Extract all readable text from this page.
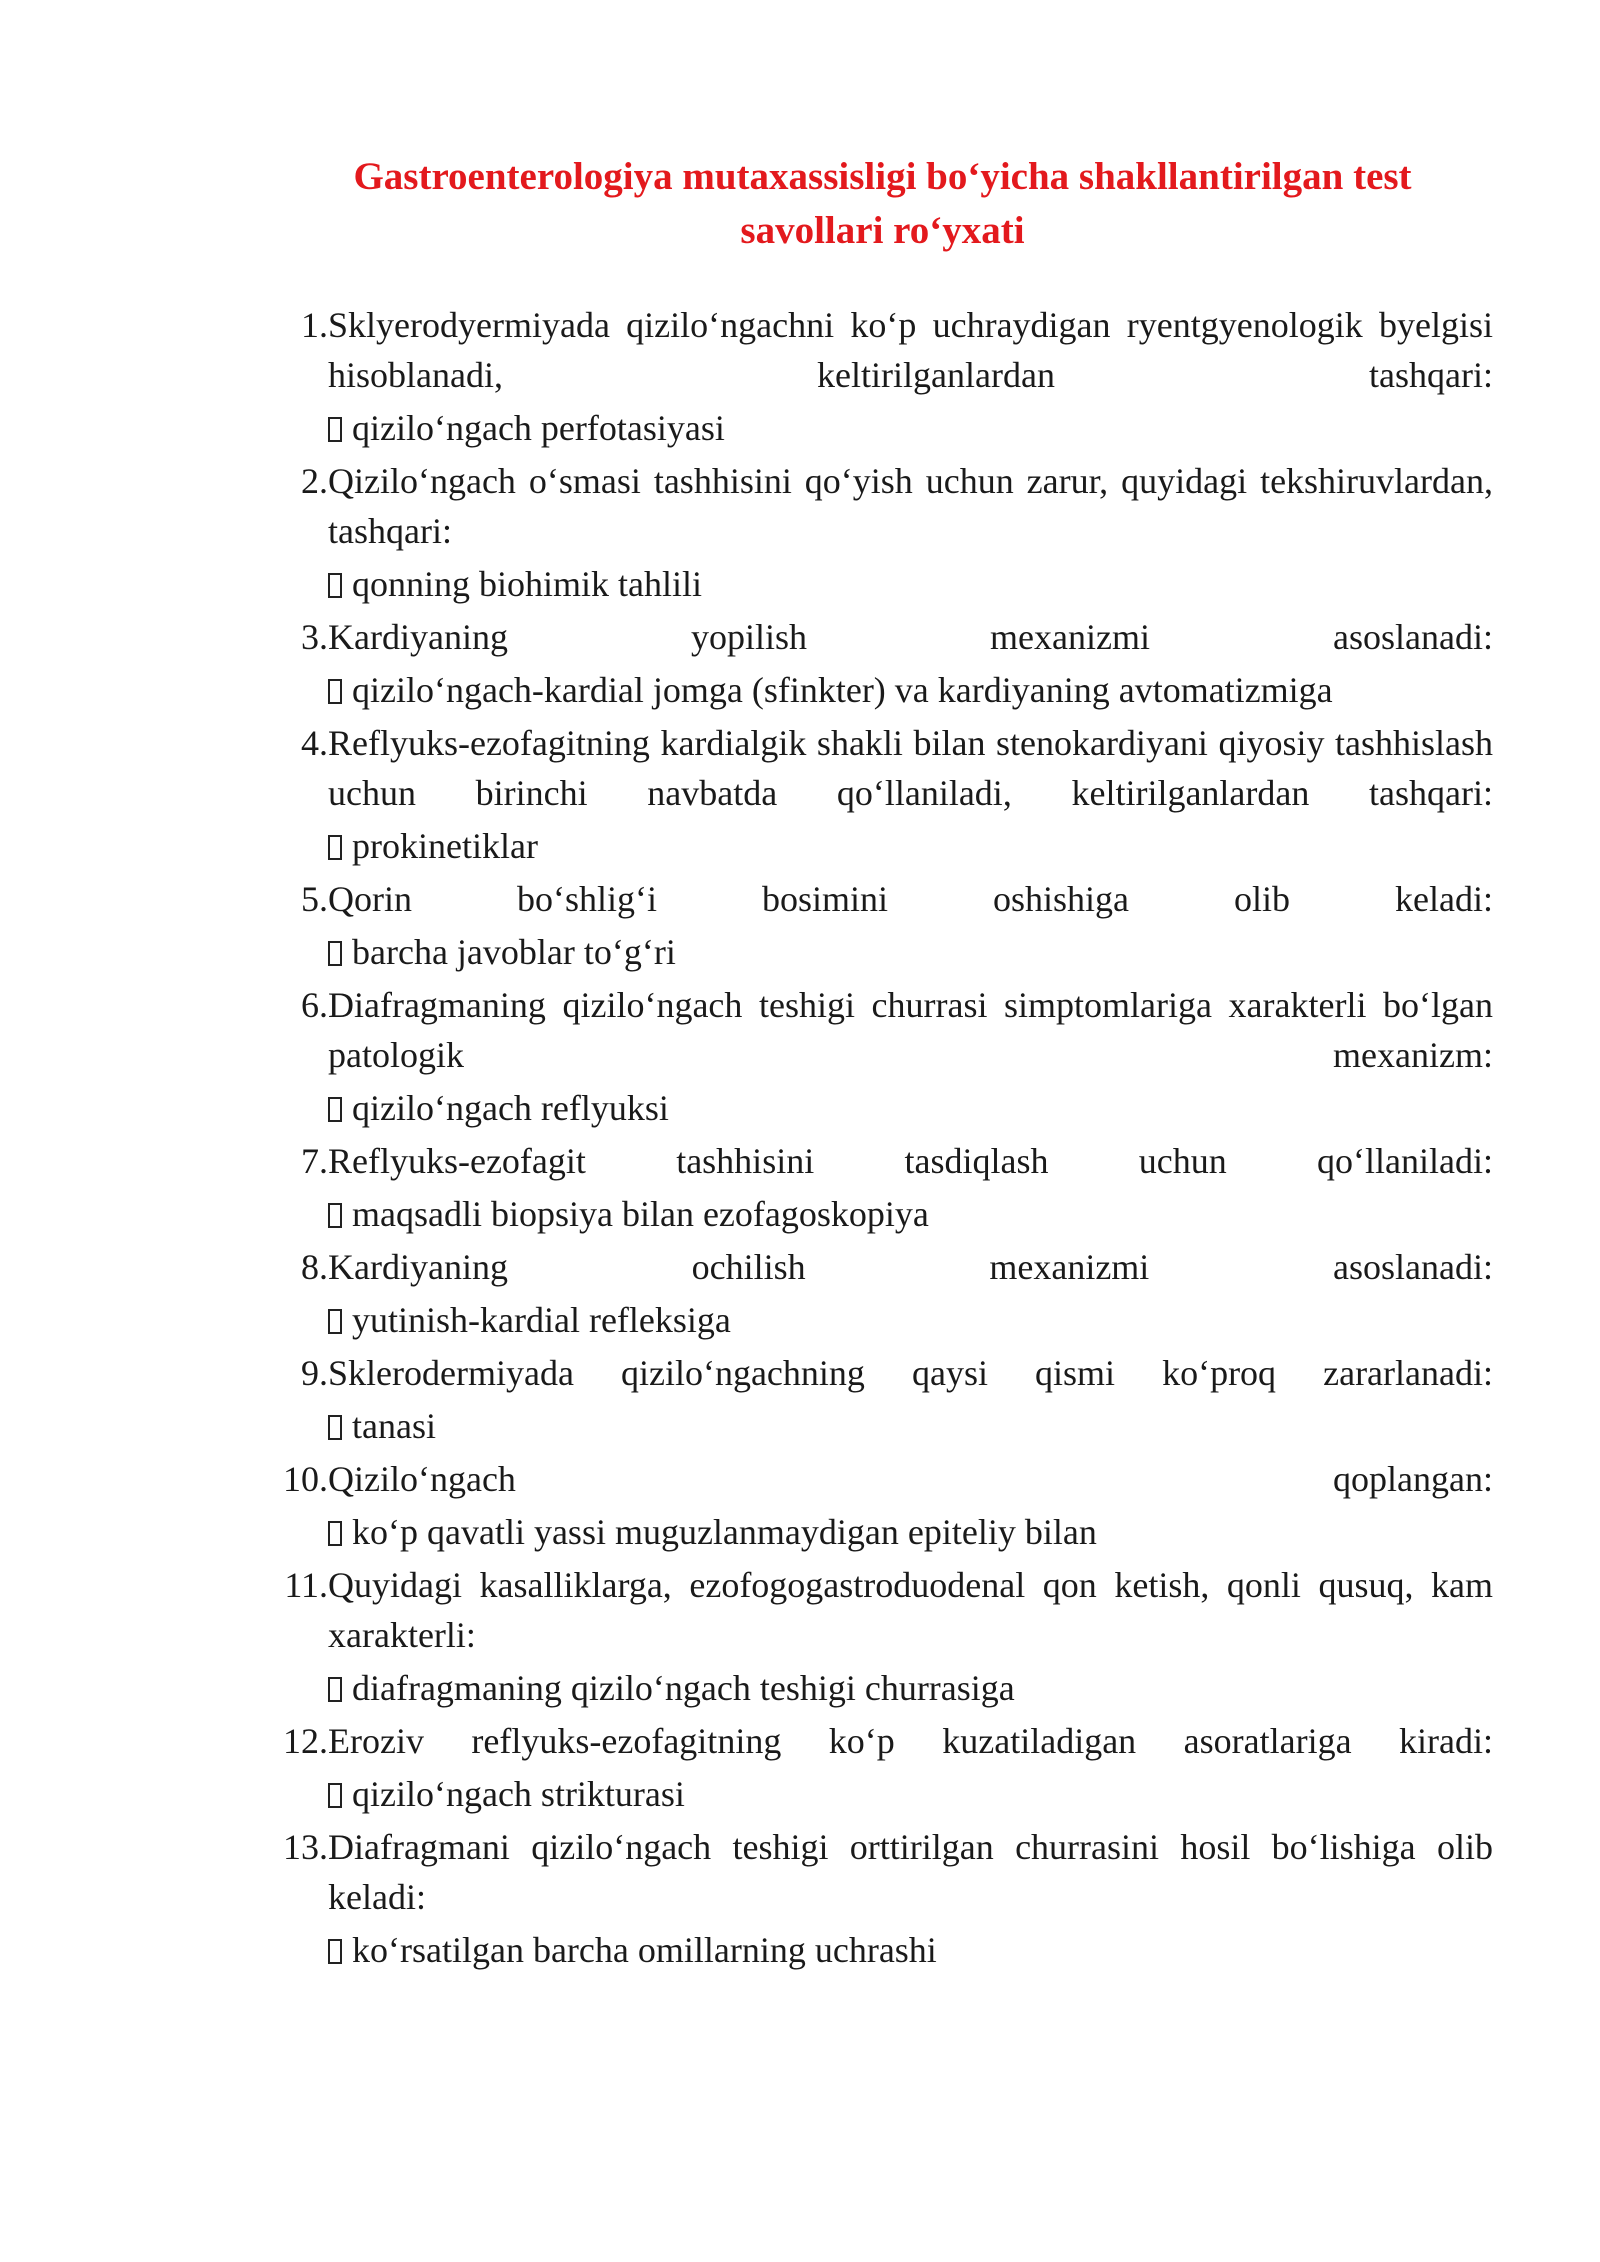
Gastroenterologiya mutaxassisligi bo‘yicha shakllantirilgan test savollari ro‘yxati
1. Sklyerodyermiyada qizilo‘ngachni ko‘p uchraydigan ryentgyenologik byelgisi hisoblanadi, keltirilganlardan tashqari:
qizilo‘ngach perfotasiyasi
2. Qizilo‘ngach o‘smasi tashhisini qo‘yish uchun zarur, quyidagi tekshiruvlardan, tashqari:
qonning biohimik tahlili
3. Kardiyaning yopilish mexanizmi asoslanadi:
qizilo‘ngach-kardial jomga (sfinkter) va kardiyaning avtomatizmiga
4. Reflyuks-ezofagitning kardialgik shakli bilan stenokardiyani qiyosiy tashhislash uchun birinchi navbatda qo‘llaniladi, keltirilganlardan tashqari:
prokinetiklar
5. Qorin bo‘shlig‘i bosimini oshishiga olib keladi:
barcha javoblar to‘g‘ri
6. Diafragmaning qizilo‘ngach teshigi churrasi simptomlariga xarakterli bo‘lgan patologik mexanizm:
qizilo‘ngach reflyuksi
7. Reflyuks-ezofagit tashhisini tasdiqlash uchun qo‘llaniladi:
maqsadli biopsiya bilan ezofagoskopiya
8. Kardiyaning ochilish mexanizmi asoslanadi:
yutinish-kardial refleksiga
9. Sklerodermiyada qizilo‘ngachning qaysi qismi ko‘proq zararlanadi:
tanasi
10. Qizilo‘ngach qoplangan:
ko‘p qavatli yassi muguzlanmaydigan epiteliy bilan
11. Quyidagi kasalliklarga, ezofogogastroduodenal qon ketish, qonli qusuq, kam xarakterli:
diafragmaning qizilo‘ngach teshigi churrasiga
12. Eroziv reflyuks-ezofagitning ko‘p kuzatiladigan asoratlariga kiradi:
qizilo‘ngach strikturasi
13. Diafragmani qizilo‘ngach teshigi orttirilgan churrasini hosil bo‘lishiga olib keladi:
ko‘rsatilgan barcha omillarning uchrashi
